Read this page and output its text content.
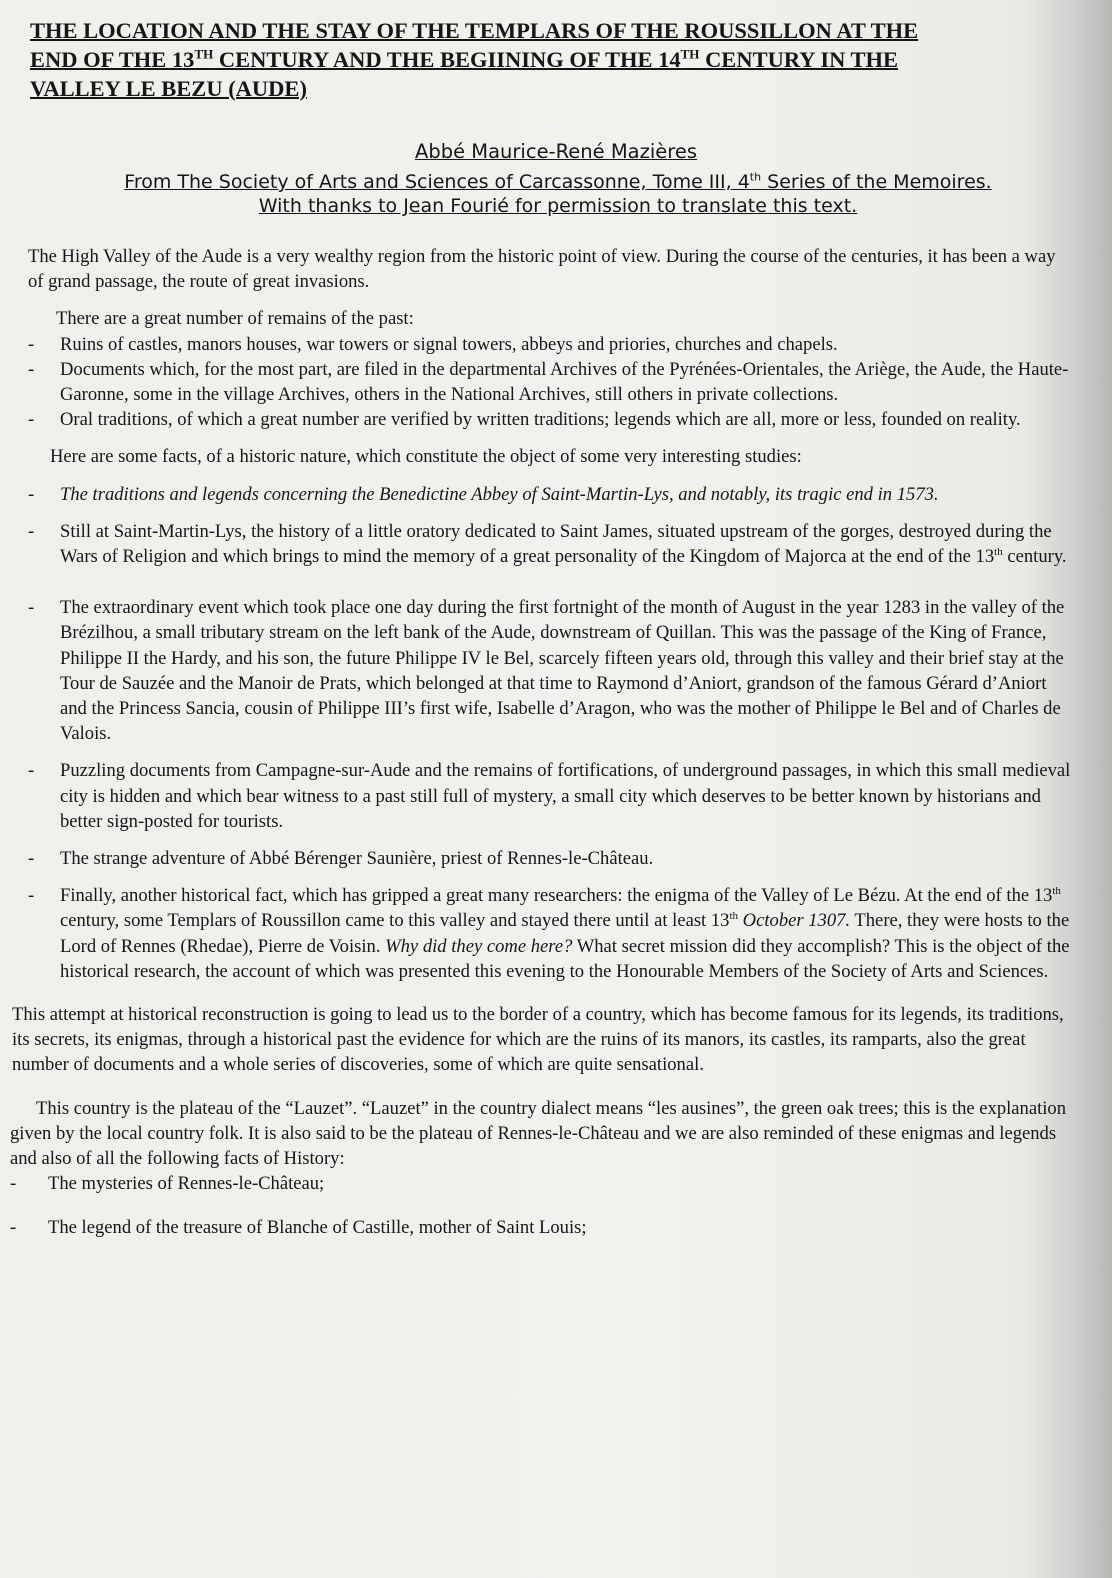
THE LOCATION AND THE STAY OF THE TEMPLARS OF THE ROUSSILLON AT THE
END OF THE 13TH CENTURY AND THE BEGIINING OF THE 14TH CENTURY IN THE
VALLEY LE BEZU (AUDE)
Abbé Maurice-René Mazières
From The Society of Arts and Sciences of Carcassonne, Tome III, 4th Series of the Memoires.
With thanks to Jean Fourié for permission to translate this text.

The High Valley of the Aude is a very wealthy region from the historic point of view. During the course of the centuries, it has been a way of grand passage, the route of great invasions.

There are a great number of remains of the past:

- Ruins of castles, manors houses, war towers or signal towers, abbeys and priories, churches and chapels.
- Documents which, for the most part, are filed in the departmental Archives of the Pyrénées-Orientales, the Ariège, the Aude, the Haute-Garonne, some in the village Archives, others in the National Archives, still others in private collections.
- Oral traditions, of which a great number are verified by written traditions; legends which are all, more or less, founded on reality.

Here are some facts, of a historic nature, which constitute the object of some very interesting studies:

- The traditions and legends concerning the Benedictine Abbey of Saint-Martin-Lys, and notably, its tragic end in 1573.
- Still at Saint-Martin-Lys, the history of a little oratory dedicated to Saint James, situated upstream of the gorges, destroyed during the Wars of Religion and which brings to mind the memory of a great personality of the Kingdom of Majorca at the end of the 13th century.
- The extraordinary event which took place one day during the first fortnight of the month of August in the year 1283 in the valley of the Brézilhou, a small tributary stream on the left bank of the Aude, downstream of Quillan. This was the passage of the King of France, Philippe II the Hardy, and his son, the future Philippe IV le Bel, scarcely fifteen years old, through this valley and their brief stay at the Tour de Sauzée and the Manoir de Prats, which belonged at that time to Raymond d’Aniort, grandson of the famous Gérard d’Aniort and the Princess Sancia, cousin of Philippe III’s first wife, Isabelle d’Aragon, who was the mother of Philippe le Bel and of Charles de Valois.
- Puzzling documents from Campagne-sur-Aude and the remains of fortifications, of underground passages, in which this small medieval city is hidden and which bear witness to a past still full of mystery, a small city which deserves to be better known by historians and better sign-posted for tourists.
- The strange adventure of Abbé Bérenger Saunière, priest of Rennes-le-Château.
- Finally, another historical fact, which has gripped a great many researchers: the enigma of the Valley of Le Bézu. At the end of the 13th century, some Templars of Roussillon came to this valley and stayed there until at least 13th October 1307. There, they were hosts to the Lord of Rennes (Rhedae), Pierre de Voisin. Why did they come here? What secret mission did they accomplish? This is the object of the historical research, the account of which was presented this evening to the Honourable Members of the Society of Arts and Sciences.

This attempt at historical reconstruction is going to lead us to the border of a country, which has become famous for its legends, its traditions, its secrets, its enigmas, through a historical past the evidence for which are the ruins of its manors, its castles, its ramparts, also the great number of documents and a whole series of discoveries, some of which are quite sensational.

This country is the plateau of the “Lauzet”. “Lauzet” in the country dialect means “les ausines”, the green oak trees; this is the explanation given by the local country folk. It is also said to be the plateau of Rennes-le-Château and we are also reminded of these enigmas and legends and also of all the following facts of History:

- The mysteries of Rennes-le-Château;
- The legend of the treasure of Blanche of Castille, mother of Saint Louis;
